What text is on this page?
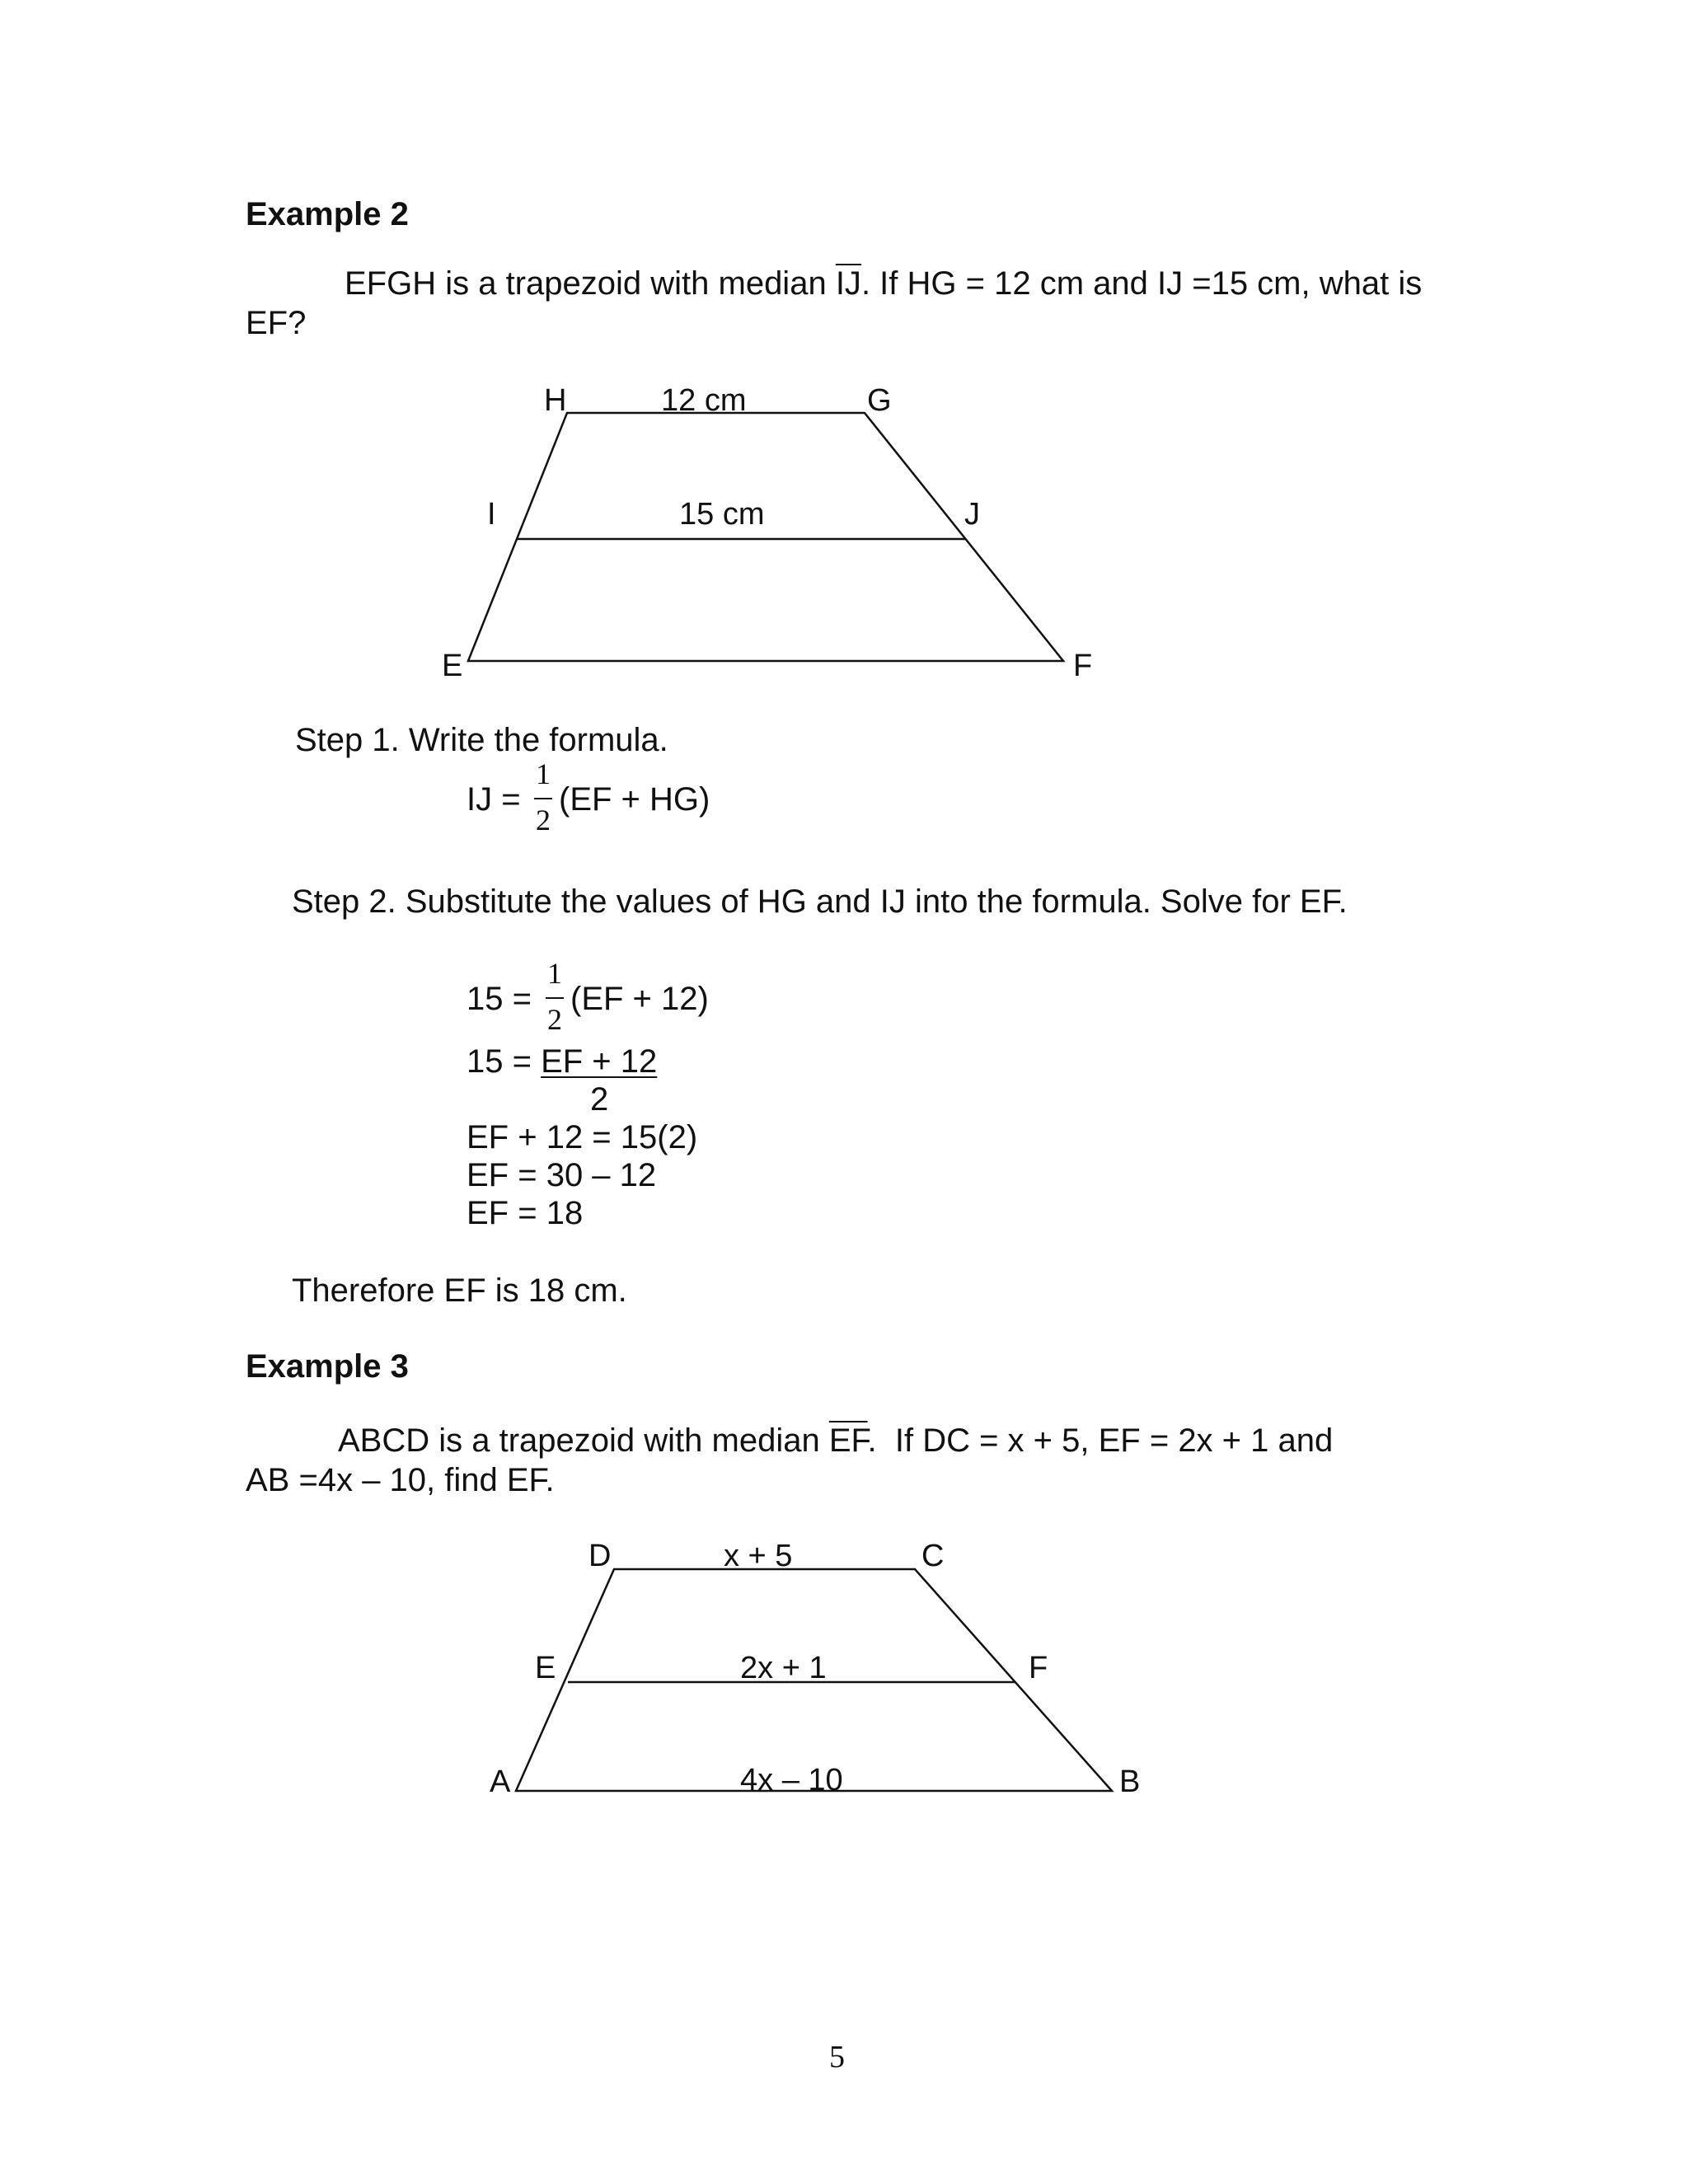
Example 2
EFGH is a trapezoid with median $\overline{IJ}$. If HG = 12 cm and IJ =15 cm, what is
EF?
H	G
12 cm
I	J
15 cm
E	F
Step 1. Write the formula.
IJ =
1
2
(EF + HG)
Step 2. Substitute the values of HG and IJ into the formula. Solve for EF.
15 =
1
2
(EF + 12)
15 = EF + 12
2
EF + 12 = 15(2)
EF = 30 – 12
EF = 18
Therefore EF is 18 cm.
Example 3
ABCD is a trapezoid with median $\overline{EF}$.  If DC = x + 5, EF = 2x + 1 and
AB =4x – 10, find EF.
D	C
x + 5
E	F
2x + 1
A	B
4x – 10
5
